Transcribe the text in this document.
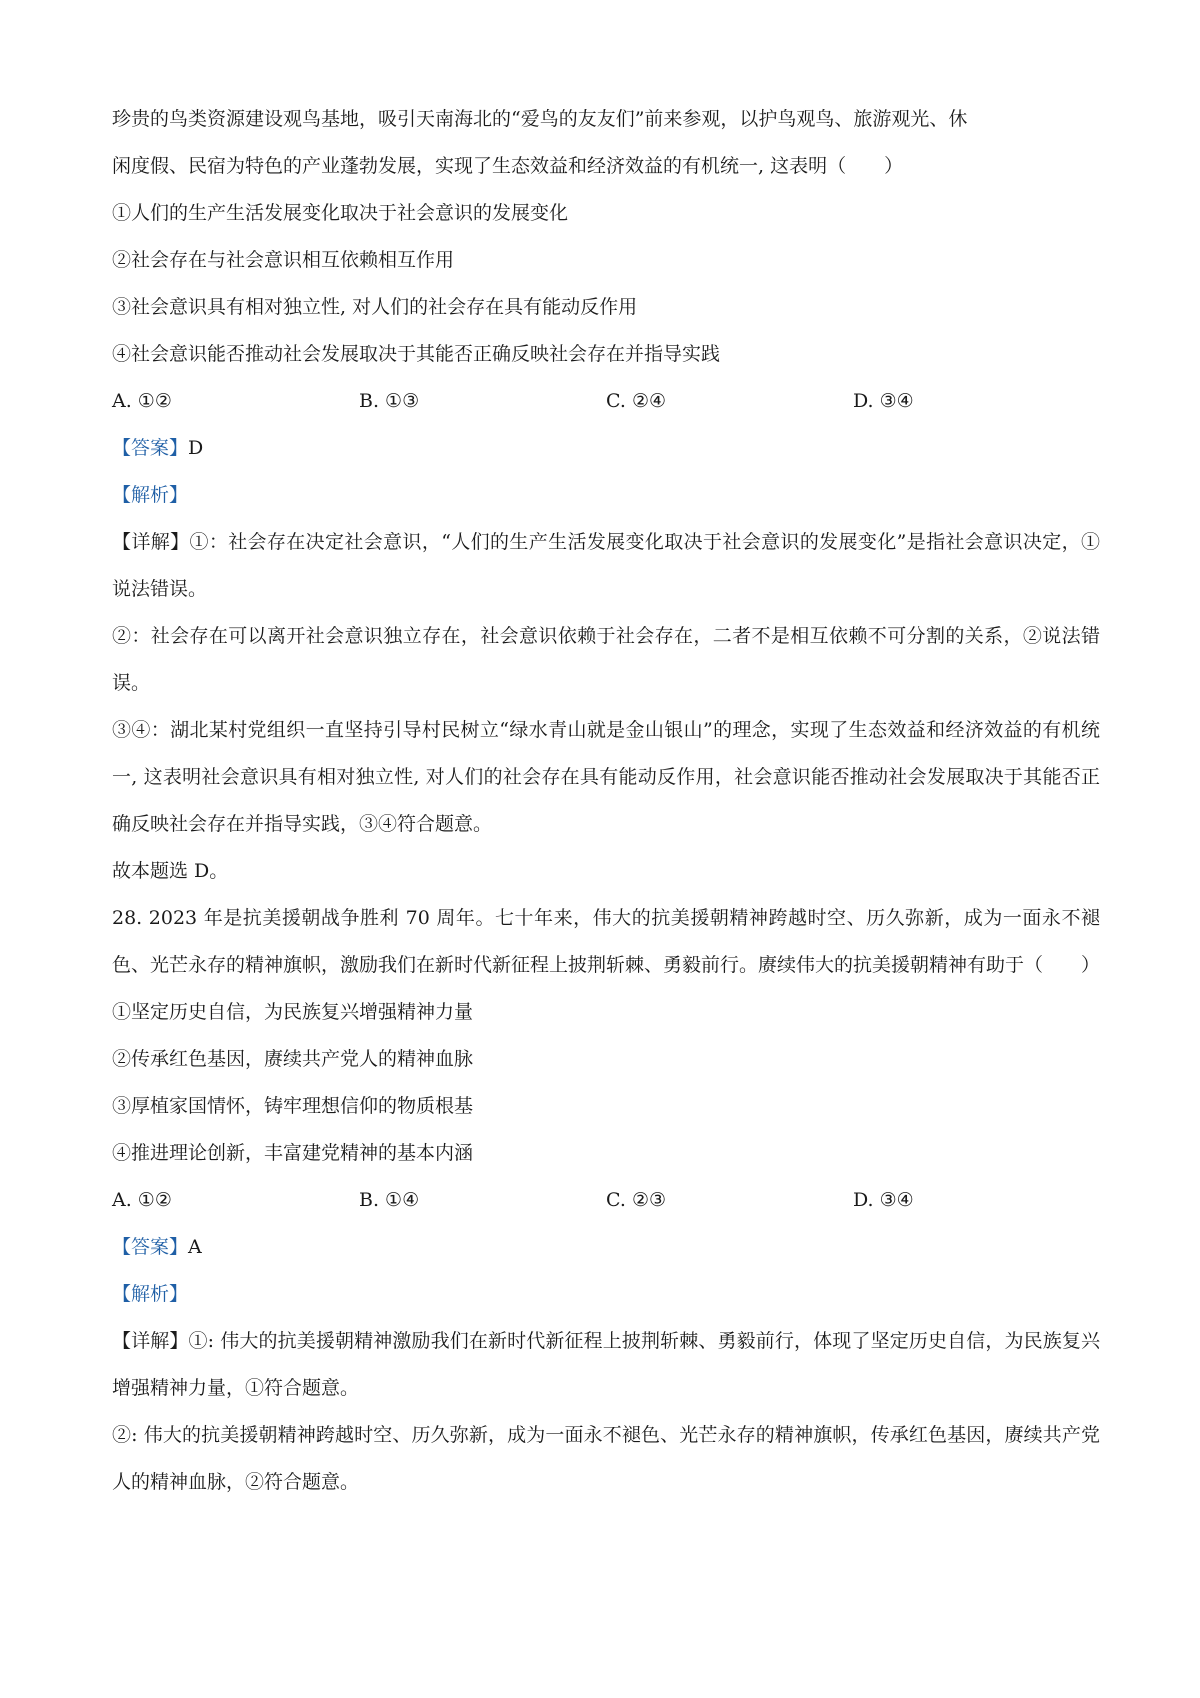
珍贵的鸟类资源建设观鸟基地，吸引天南海北的“爱鸟的友友们”前来参观，以护鸟观鸟、旅游观光、休
闲度假、民宿为特色的产业蓬勃发展，实现了生态效益和经济效益的有机统一, 这表明（　　）
①人们的生产生活发展变化取决于社会意识的发展变化
②社会存在与社会意识相互依赖相互作用
③社会意识具有相对独立性, 对人们的社会存在具有能动反作用
④社会意识能否推动社会发展取决于其能否正确反映社会存在并指导实践
A. ①②	B. ①③	C. ②④	D. ③④
【答案】D
【解析】
【详解】①：社会存在决定社会意识，“人们的生产生活发展变化取决于社会意识的发展变化”是指社会意识决定，①说法错误。
②：社会存在可以离开社会意识独立存在，社会意识依赖于社会存在，二者不是相互依赖不可分割的关系，②说法错误。
③④：湖北某村党组织一直坚持引导村民树立“绿水青山就是金山银山”的理念，实现了生态效益和经济效益的有机统一, 这表明社会意识具有相对独立性, 对人们的社会存在具有能动反作用，社会意识能否推动社会发展取决于其能否正确反映社会存在并指导实践，③④符合题意。
故本题选 D。
28. 2023 年是抗美援朝战争胜利 70 周年。七十年来，伟大的抗美援朝精神跨越时空、历久弥新，成为一面永不褪色、光芒永存的精神旗帜，激励我们在新时代新征程上披荆斩棘、勇毅前行。赓续伟大的抗美援朝精神有助于（　　）
①坚定历史自信，为民族复兴增强精神力量
②传承红色基因，赓续共产党人的精神血脉
③厚植家国情怀，铸牢理想信仰的物质根基
④推进理论创新，丰富建党精神的基本内涵
A. ①②	B. ①④	C. ②③	D. ③④
【答案】A
【解析】
【详解】①: 伟大的抗美援朝精神激励我们在新时代新征程上披荆斩棘、勇毅前行，体现了坚定历史自信，为民族复兴增强精神力量，①符合题意。
②: 伟大的抗美援朝精神跨越时空、历久弥新，成为一面永不褪色、光芒永存的精神旗帜，传承红色基因，赓续共产党人的精神血脉，②符合题意。
